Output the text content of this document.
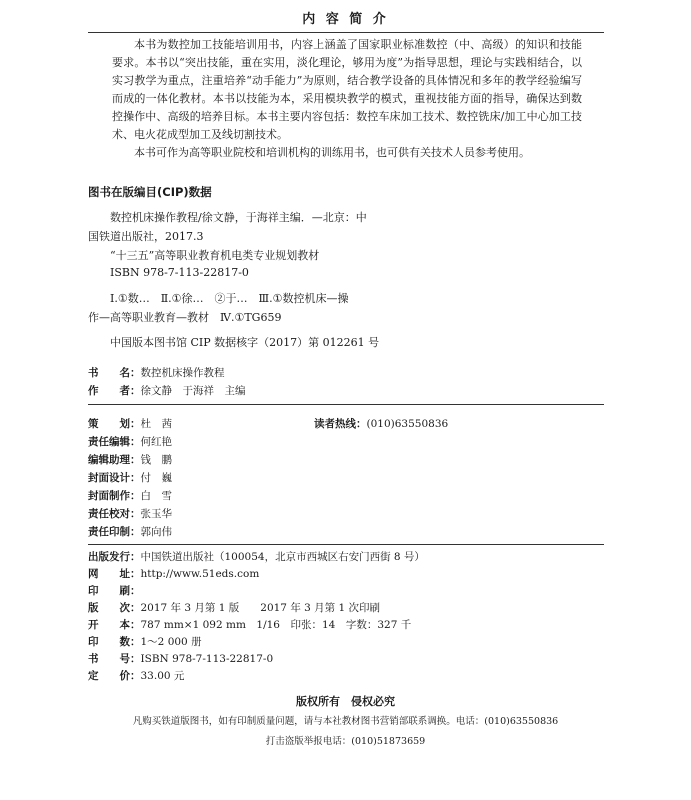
内 容 简 介

本书为数控加工技能培训用书，内容上涵盖了国家职业标准数控（中、高级）的知识和技能要求。本书以“突出技能，重在实用，淡化理论，够用为度”为指导思想，理论与实践相结合，以实习教学为重点，注重培养“动手能力”为原则，结合教学设备的具体情况和多年的教学经验编写而成的一体化教材。本书以技能为本，采用模块教学的模式，重视技能方面的指导，确保达到数控操作中、高级的培养目标。本书主要内容包括：数控车床加工技术、数控铣床/加工中心加工技术、电火花成型加工及线切割技术。

本书可作为高等职业院校和培训机构的训练用书，也可供有关技术人员参考使用。

图书在版编目(CIP)数据
数控机床操作教程/徐文静，于海祥主编．—北京：中
国铁道出版社，2017.3
“十三五”高等职业教育机电类专业规划教材
ISBN 978-7-113-22817-0
Ⅰ.①数…　Ⅱ.①徐…　②于…　Ⅲ.①数控机床—操
作—高等职业教育—教材　Ⅳ.①TG659
中国版本图书馆 CIP 数据核字（2017）第 012261 号
书　　名：数控机床操作教程
作　　者：徐文静　于海祥　主编
策　　划：杜　茜
责任编辑：何红艳
编辑助理：钱　鹏
封面设计：付　巍
封面制作：白　雪
责任校对：张玉华
责任印制：郭向伟
读者热线：(010)63550836
出版发行：中国铁道出版社（100054，北京市西城区右安门西街 8 号）
网　　址：http://www.51eds.com
印　　刷：
版　　次：2017 年 3 月第 1 版　　2017 年 3 月第 1 次印刷
开　　本：787 mm×1 092 mm　1/16　印张：14　字数：327 千
印　　数：1～2 000 册
书　　号：ISBN 978-7-113-22817-0
定　　价：33.00 元
版权所有　侵权必究
凡购买铁道版图书，如有印制质量问题，请与本社教材图书营销部联系调换。电话：(010)63550836
打击盗版举报电话：(010)51873659
